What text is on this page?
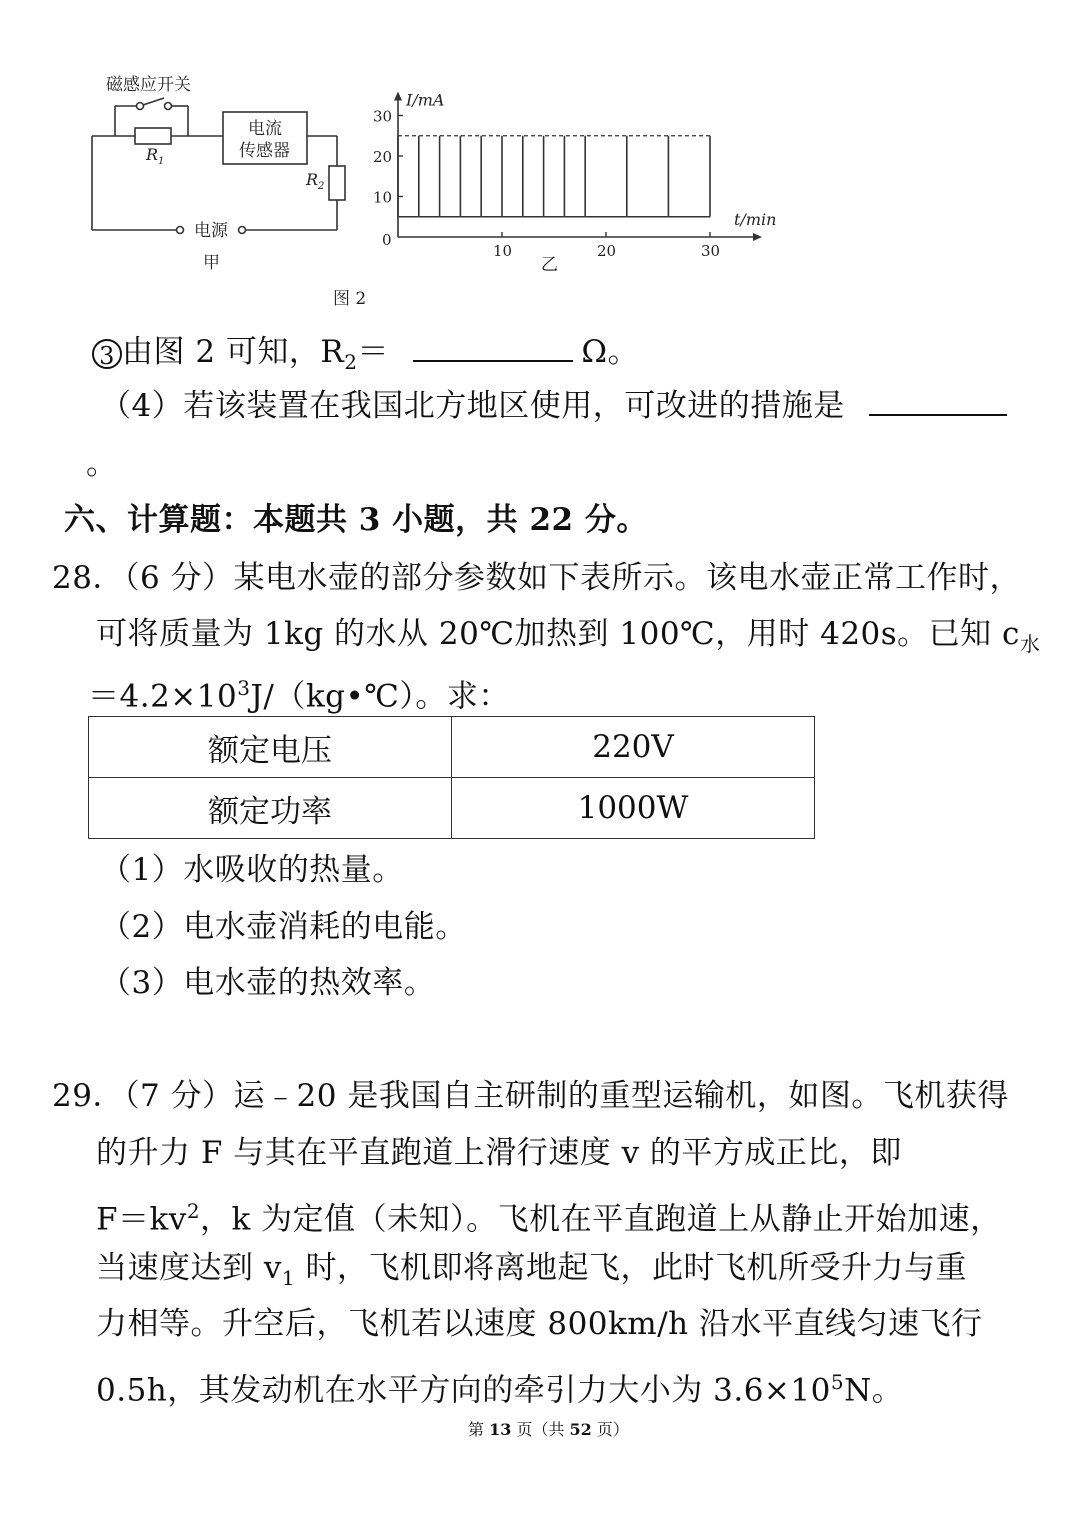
磁感应开关
$R_1$
电流
传感器
$R_2$
电源
甲
I/mA
t/min
0
10
20
30
10	20	30
乙
图 2
3 由图 2 可知，$R_2=$	Ω。
（4）若该装置在我国北方地区使用，可改进的措施是
。
六、计算题：本题共 3 小题，共 22 分。
28．（6 分）某电水壶的部分参数如下表所示。该电水壶正常工作时，
可将质量为 1kg 的水从 20℃加热到 100℃，用时 420s。已知 $c_水$
$=4.2\times 10^3J/(kg•℃)$。求：
额定电压	220V
额定功率	1000W
（1）水吸收的热量。
（2）电水壶消耗的电能。
（3）电水壶的热效率。
29．（7 分）运﹣20 是我国自主研制的重型运输机，如图。飞机获得
的升力 F 与其在平直跑道上滑行速度 v 的平方成正比，即
$F=kv^2$，k 为定值（未知）。飞机在平直跑道上从静止开始加速，
当速度达到 $v_1$ 时，飞机即将离地起飞，此时飞机所受升力与重
力相等。升空后，飞机若以速度 800km/h 沿水平直线匀速飞行
0.5h，其发动机在水平方向的牵引力大小为 $3.6\times 10^5N$。
第 13 页（共 52 页）
